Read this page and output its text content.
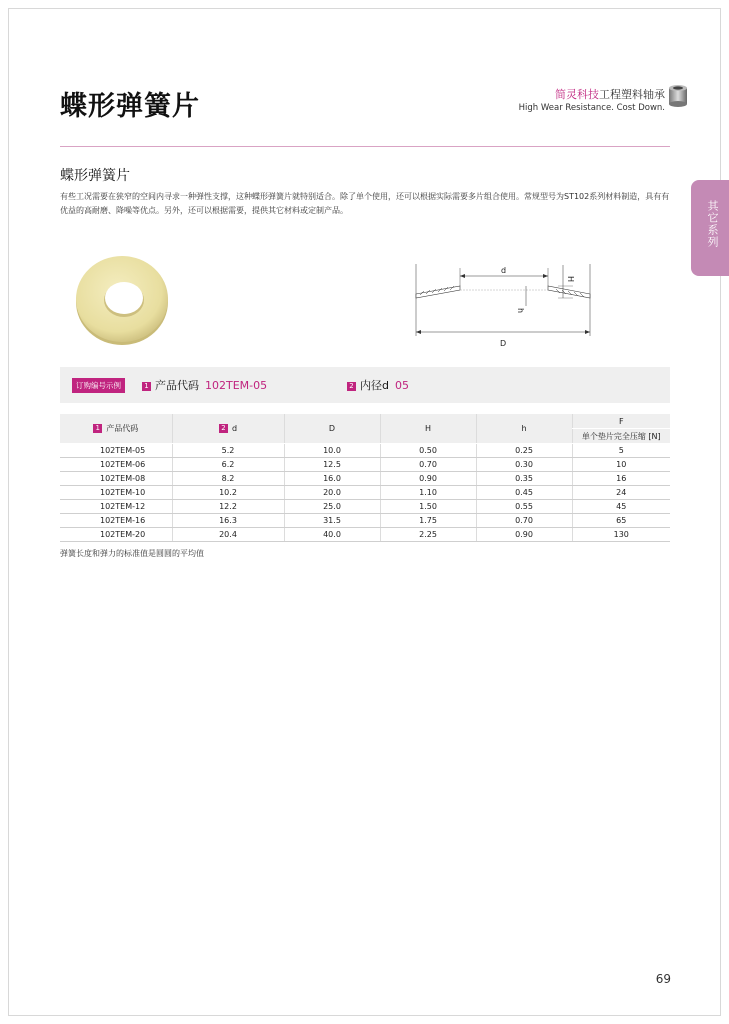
蝶形弹簧片	简灵科技工程塑料轴承
High Wear Resistance. Cost Down.
其它系列
蝶形弹簧片
有些工况需要在狭窄的空间内寻求一种弹性支撑，这种蝶形弹簧片就特别适合。除了单个使用，还可以根据实际需要多片组合使用。常规型号为ST102系列材料制造，具有有优益的高耐磨、降噪等优点。另外，还可以根据需要，提供其它材料或定制产品。
d
H
h
D
订购编号示例	1 产品代码 102TEM-05	2 内径d 05
1 产品代码	2 d	D	H	h	F
					单个垫片完全压缩 [N]
102TEM-05	5.2	10.0	0.50	0.25	5
102TEM-06	6.2	12.5	0.70	0.30	10
102TEM-08	8.2	16.0	0.90	0.35	16
102TEM-10	10.2	20.0	1.10	0.45	24
102TEM-12	12.2	25.0	1.50	0.55	45
102TEM-16	16.3	31.5	1.75	0.70	65
102TEM-20	20.4	40.0	2.25	0.90	130
弹簧长度和弹力的标准值是圆圆的平均值
69
